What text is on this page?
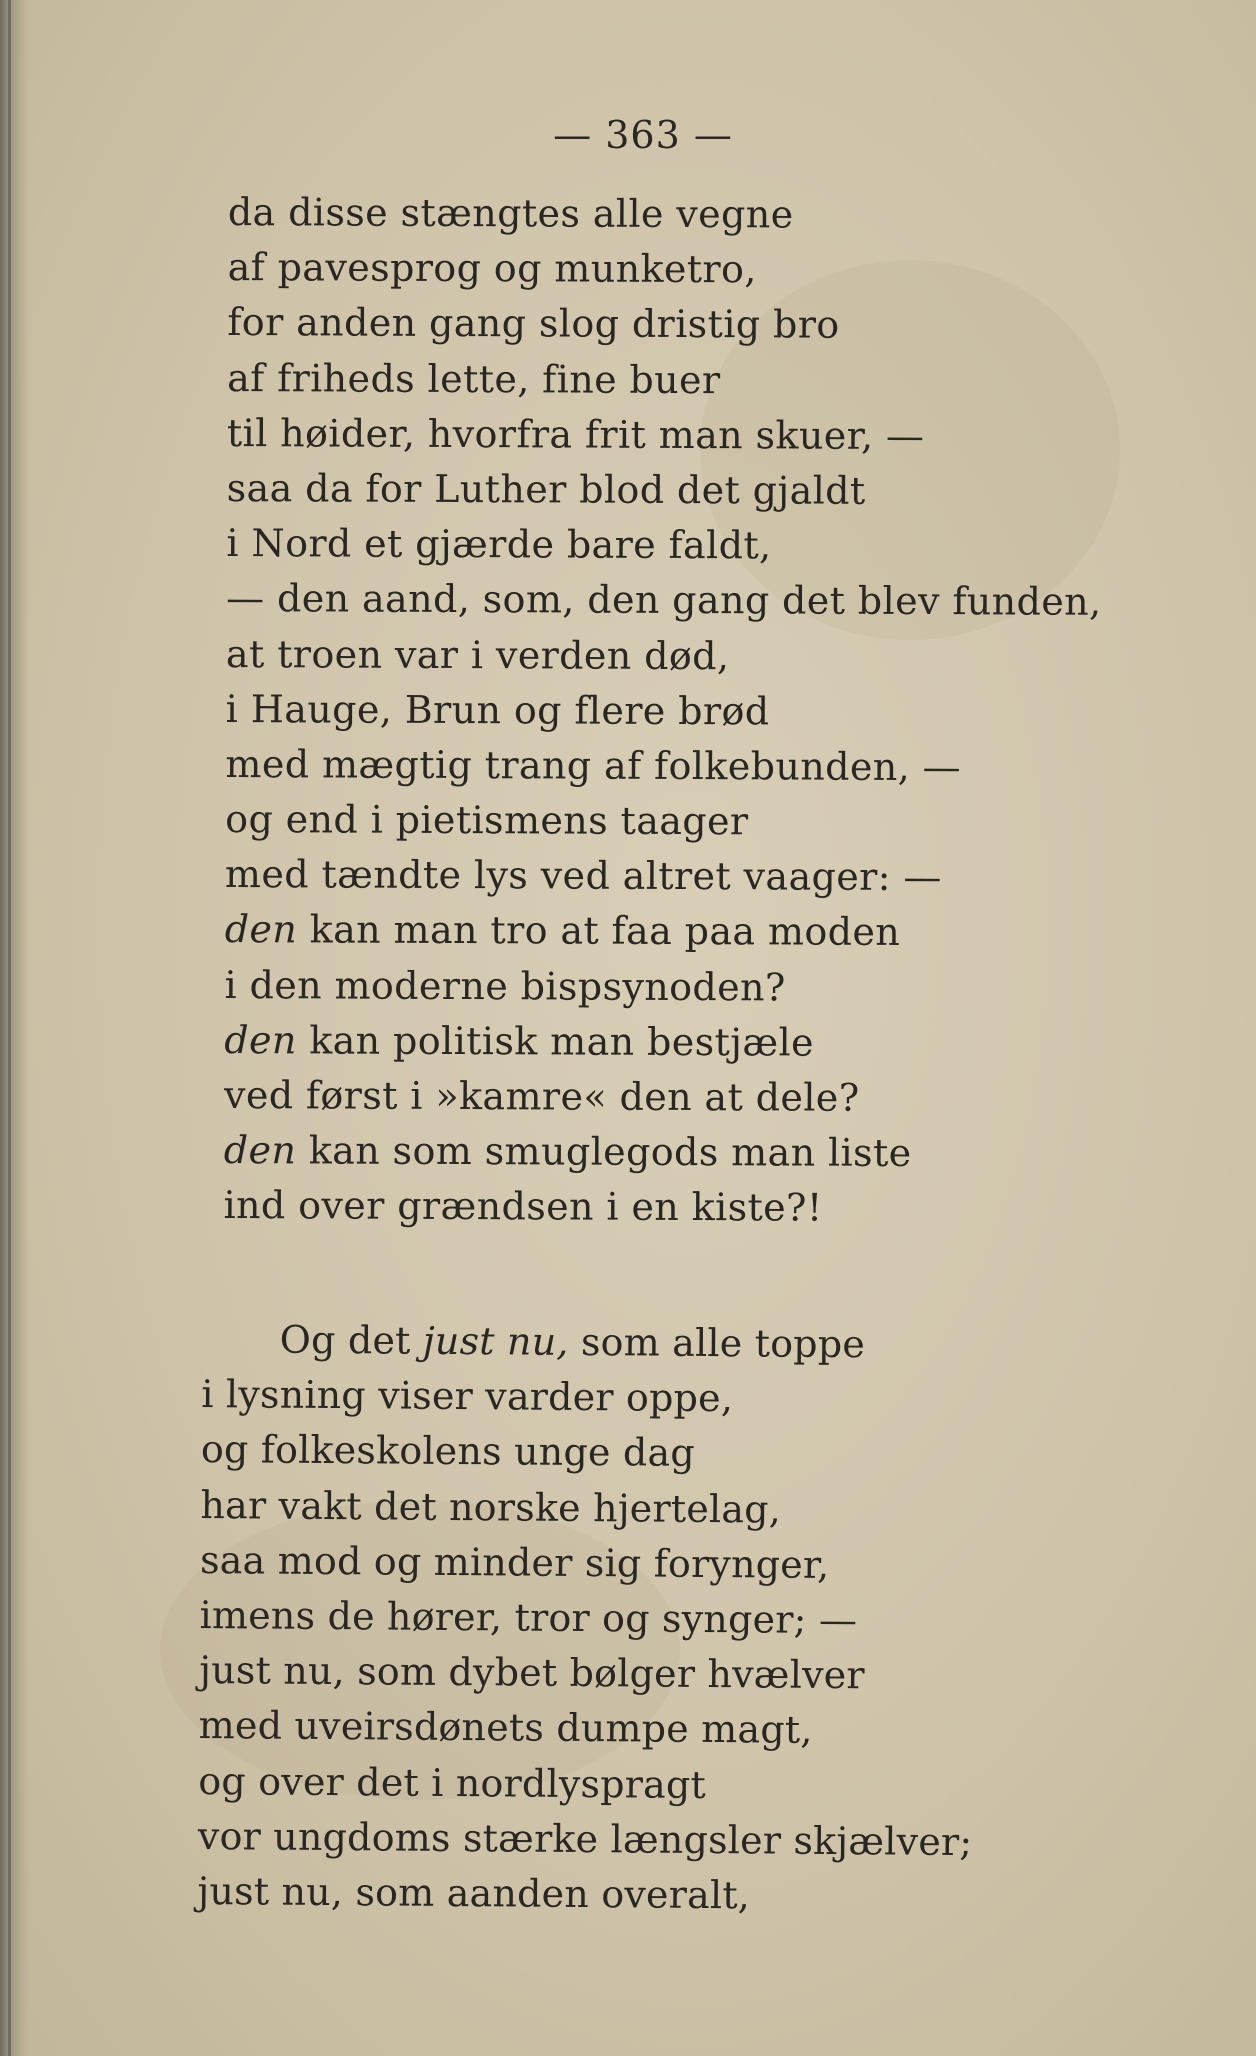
— 363 —
da disse stængtes alle vegne
af pavesprog og munketro,
for anden gang slog dristig bro
af friheds lette, fine buer
til høider, hvorfra frit man skuer, —
saa da for Luther blod det gjaldt
i Nord et gjærde bare faldt,
— den aand, som, den gang det blev funden,
at troen var i verden død,
i Hauge, Brun og flere brød
med mægtig trang af folkebunden, —
og end i pietismens taager
med tændte lys ved altret vaager: —
den kan man tro at faa paa moden
i den moderne bispsynoden?
den kan politisk man bestjæle
ved først i »kamre« den at dele?
den kan som smuglegods man liste
ind over grændsen i en kiste?!
Og det just nu, som alle toppe
i lysning viser varder oppe,
og folkeskolens unge dag
har vakt det norske hjertelag,
saa mod og minder sig forynger,
imens de hører, tror og synger; —
just nu, som dybet bølger hvælver
med uveirsdønets dumpe magt,
og over det i nordlyspragt
vor ungdoms stærke længsler skjælver;
just nu, som aanden overalt,
